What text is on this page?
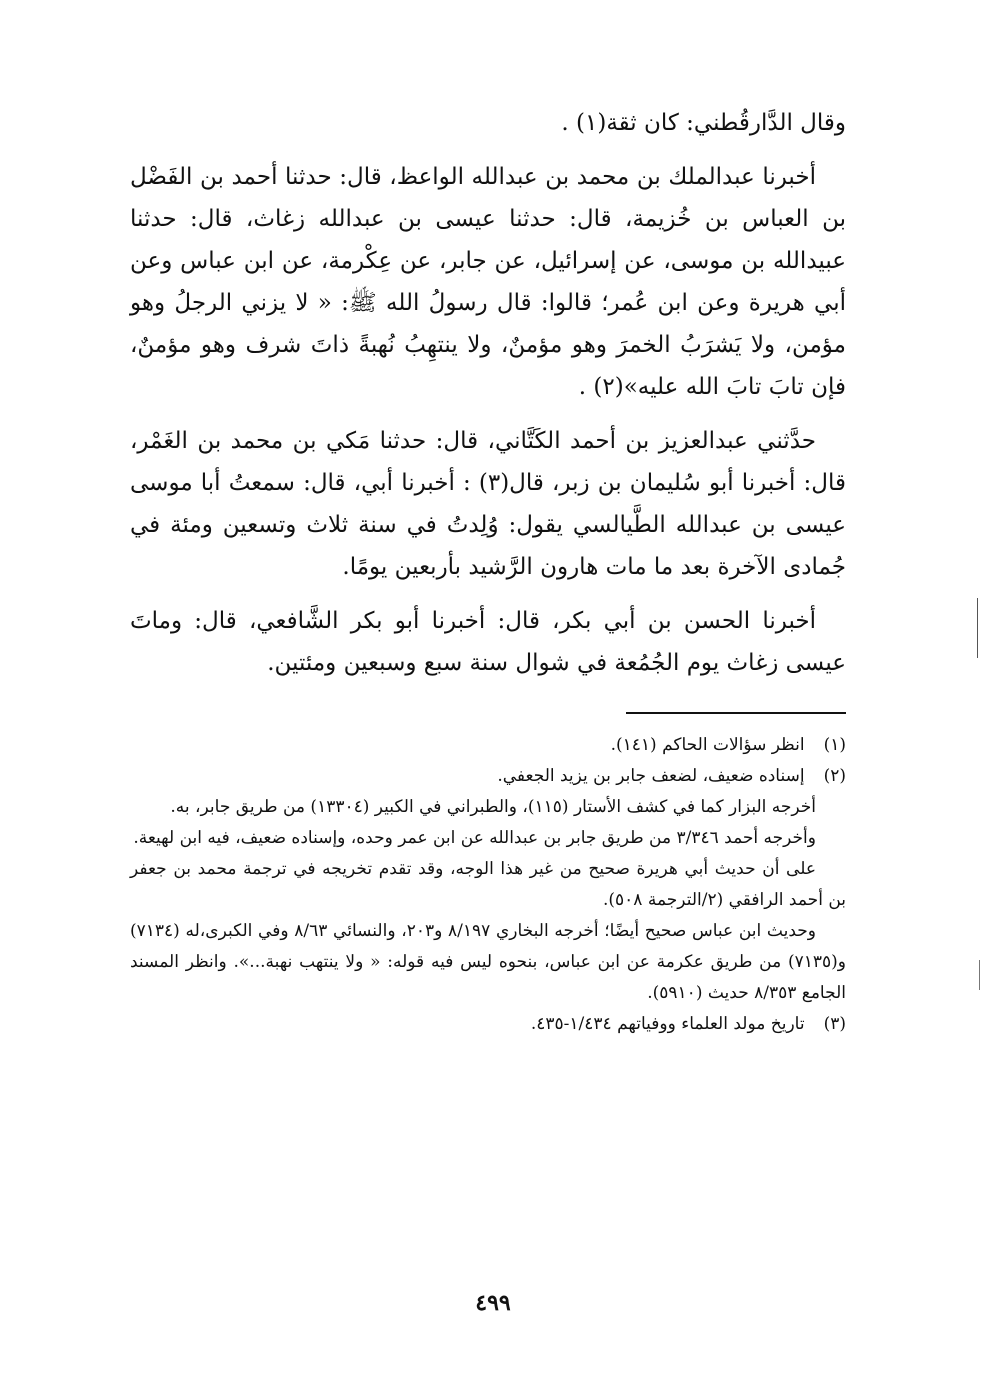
وقال الدَّارقُطني: كان ثقة(١) .

أخبرنا عبدالملك بن محمد بن عبدالله الواعظ، قال: حدثنا أحمد بن الفَضْل بن العباس بن خُزيمة، قال: حدثنا عيسى بن عبدالله زغاث، قال: حدثنا عبيدالله بن موسى، عن إسرائيل، عن جابر، عن عِكْرمة، عن ابن عباس وعن أبي هريرة وعن ابن عُمر؛ قالوا: قال رسولُ الله ﷺ: « لا يزني الرجلُ وهو مؤمن، ولا يَشرَبُ الخمرَ وهو مؤمنٌ، ولا ينتهِبُ نُهبةً ذاتَ شرف وهو مؤمنٌ، فإن تابَ تابَ الله عليه»(٢) .

حدَّثني عبدالعزيز بن أحمد الكَتَّاني، قال: حدثنا مَكي بن محمد بن الغَمْر، قال: أخبرنا أبو سُليمان بن زبر، قال(٣) : أخبرنا أبي، قال: سمعتُ أبا موسى عيسى بن عبدالله الطَّيالسي يقول: وُلِدتُ في سنة ثلاث وتسعين ومئة في جُمادى الآخرة بعد ما مات هارون الرَّشيد بأربعين يومًا.

أخبرنا الحسن بن أبي بكر، قال: أخبرنا أبو بكر الشَّافعي، قال: وماتَ عيسى زغاث يوم الجُمُعة في شوال سنة سبع وسبعين ومئتين.

(١) انظر سؤالات الحاكم (١٤١).

(٢) إسناده ضعيف، لضعف جابر بن يزيد الجعفي.

أخرجه البزار كما في كشف الأستار (١١٥)، والطبراني في الكبير (١٣٣٠٤) من طريق جابر، به.

وأخرجه أحمد ٣/٣٤٦ من طريق جابر بن عبدالله عن ابن عمر وحده، وإسناده ضعيف، فيه ابن لهيعة.

على أن حديث أبي هريرة صحيح من غير هذا الوجه، وقد تقدم تخريجه في ترجمة محمد بن جعفر بن أحمد الرافقي (٢/الترجمة ٥٠٨).

وحديث ابن عباس صحيح أيضًا؛ أخرجه البخاري ٨/١٩٧ و٢٠٣، والنسائي ٨/٦٣ وفي الكبرى،له (٧١٣٤) و(٧١٣٥) من طريق عكرمة عن ابن عباس، بنحوه ليس فيه قوله: « ولا ينتهب نهبة...». وانظر المسند الجامع ٨/٣٥٣ حديث (٥٩١٠).

(٣) تاريخ مولد العلماء ووفياتهم ١/٤٣٤-٤٣٥.

٤٩٩
